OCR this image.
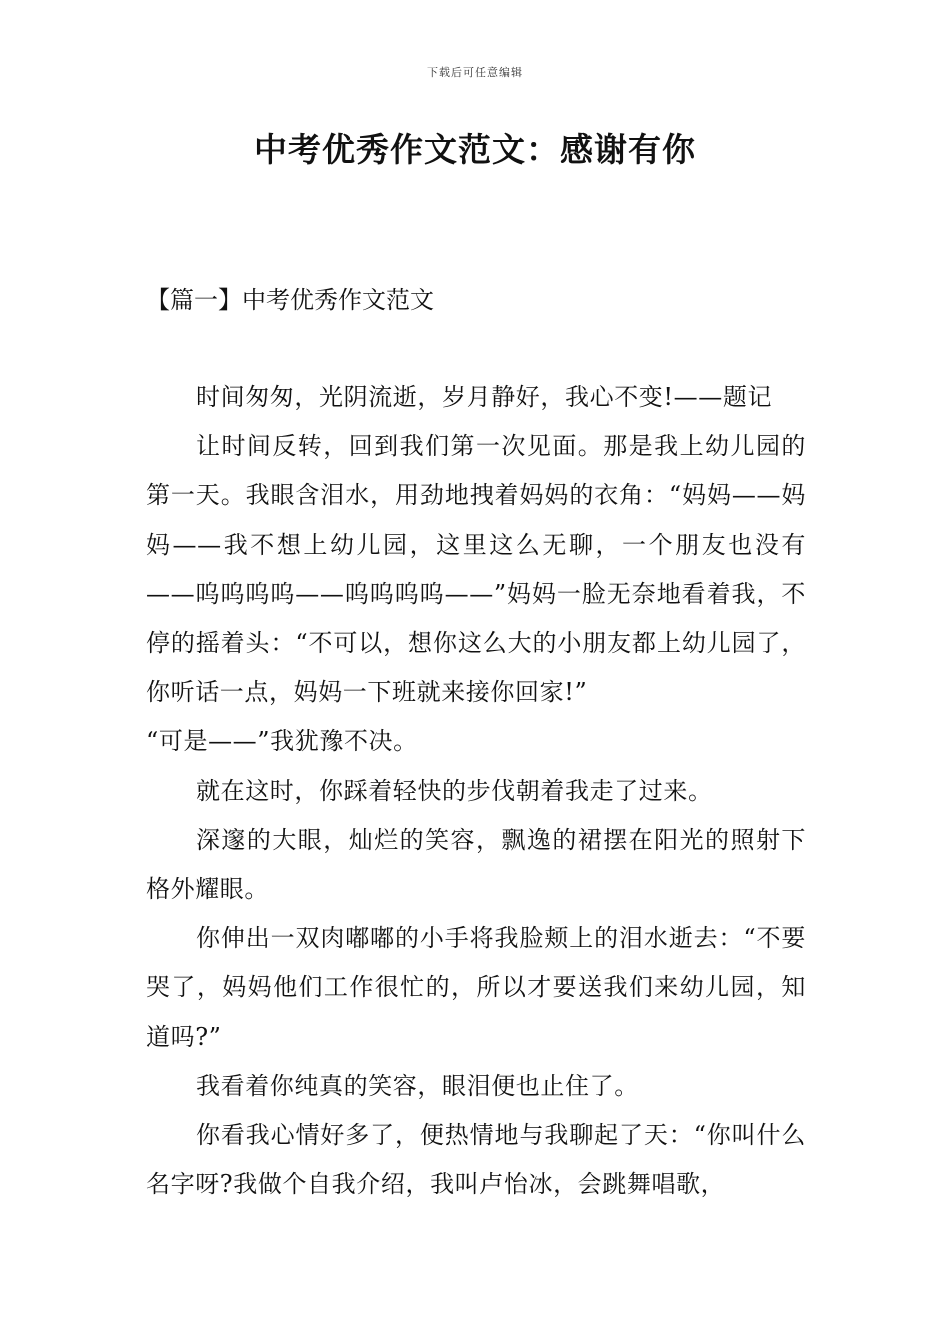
下载后可任意编辑
中考优秀作文范文：感谢有你
【篇一】中考优秀作文范文

时间匆匆，光阴流逝，岁月静好，我心不变!——题记

让时间反转，回到我们第一次见面。那是我上幼儿园的第一天。我眼含泪水，用劲地拽着妈妈的衣角：“妈妈——妈妈——我不想上幼儿园，这里这么无聊，一个朋友也没有——呜呜呜呜——呜呜呜呜——”妈妈一脸无奈地看着我，不停的摇着头：“不可以，想你这么大的小朋友都上幼儿园了，你听话一点，妈妈一下班就来接你回家!”

“可是——”我犹豫不决。

就在这时，你踩着轻快的步伐朝着我走了过来。

深邃的大眼，灿烂的笑容，飘逸的裙摆在阳光的照射下格外耀眼。

你伸出一双肉嘟嘟的小手将我脸颊上的泪水逝去：“不要哭了，妈妈他们工作很忙的，所以才要送我们来幼儿园，知道吗?”

我看着你纯真的笑容，眼泪便也止住了。

你看我心情好多了，便热情地与我聊起了天：“你叫什么名字呀?我做个自我介绍，我叫卢怡冰，会跳舞唱歌，
